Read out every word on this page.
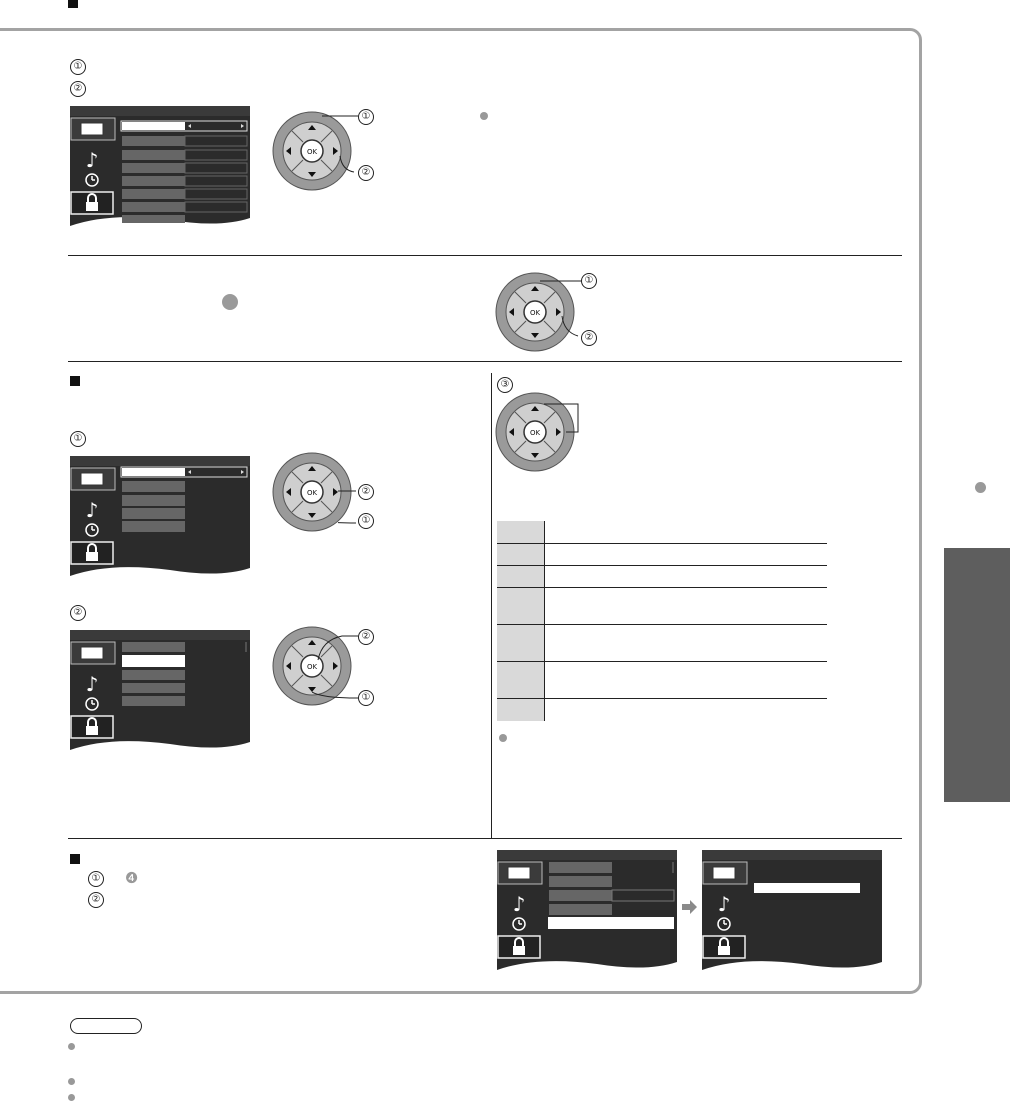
①
②
①
②
①
②
①
②
①
②
②
①
③
① ❹
②
